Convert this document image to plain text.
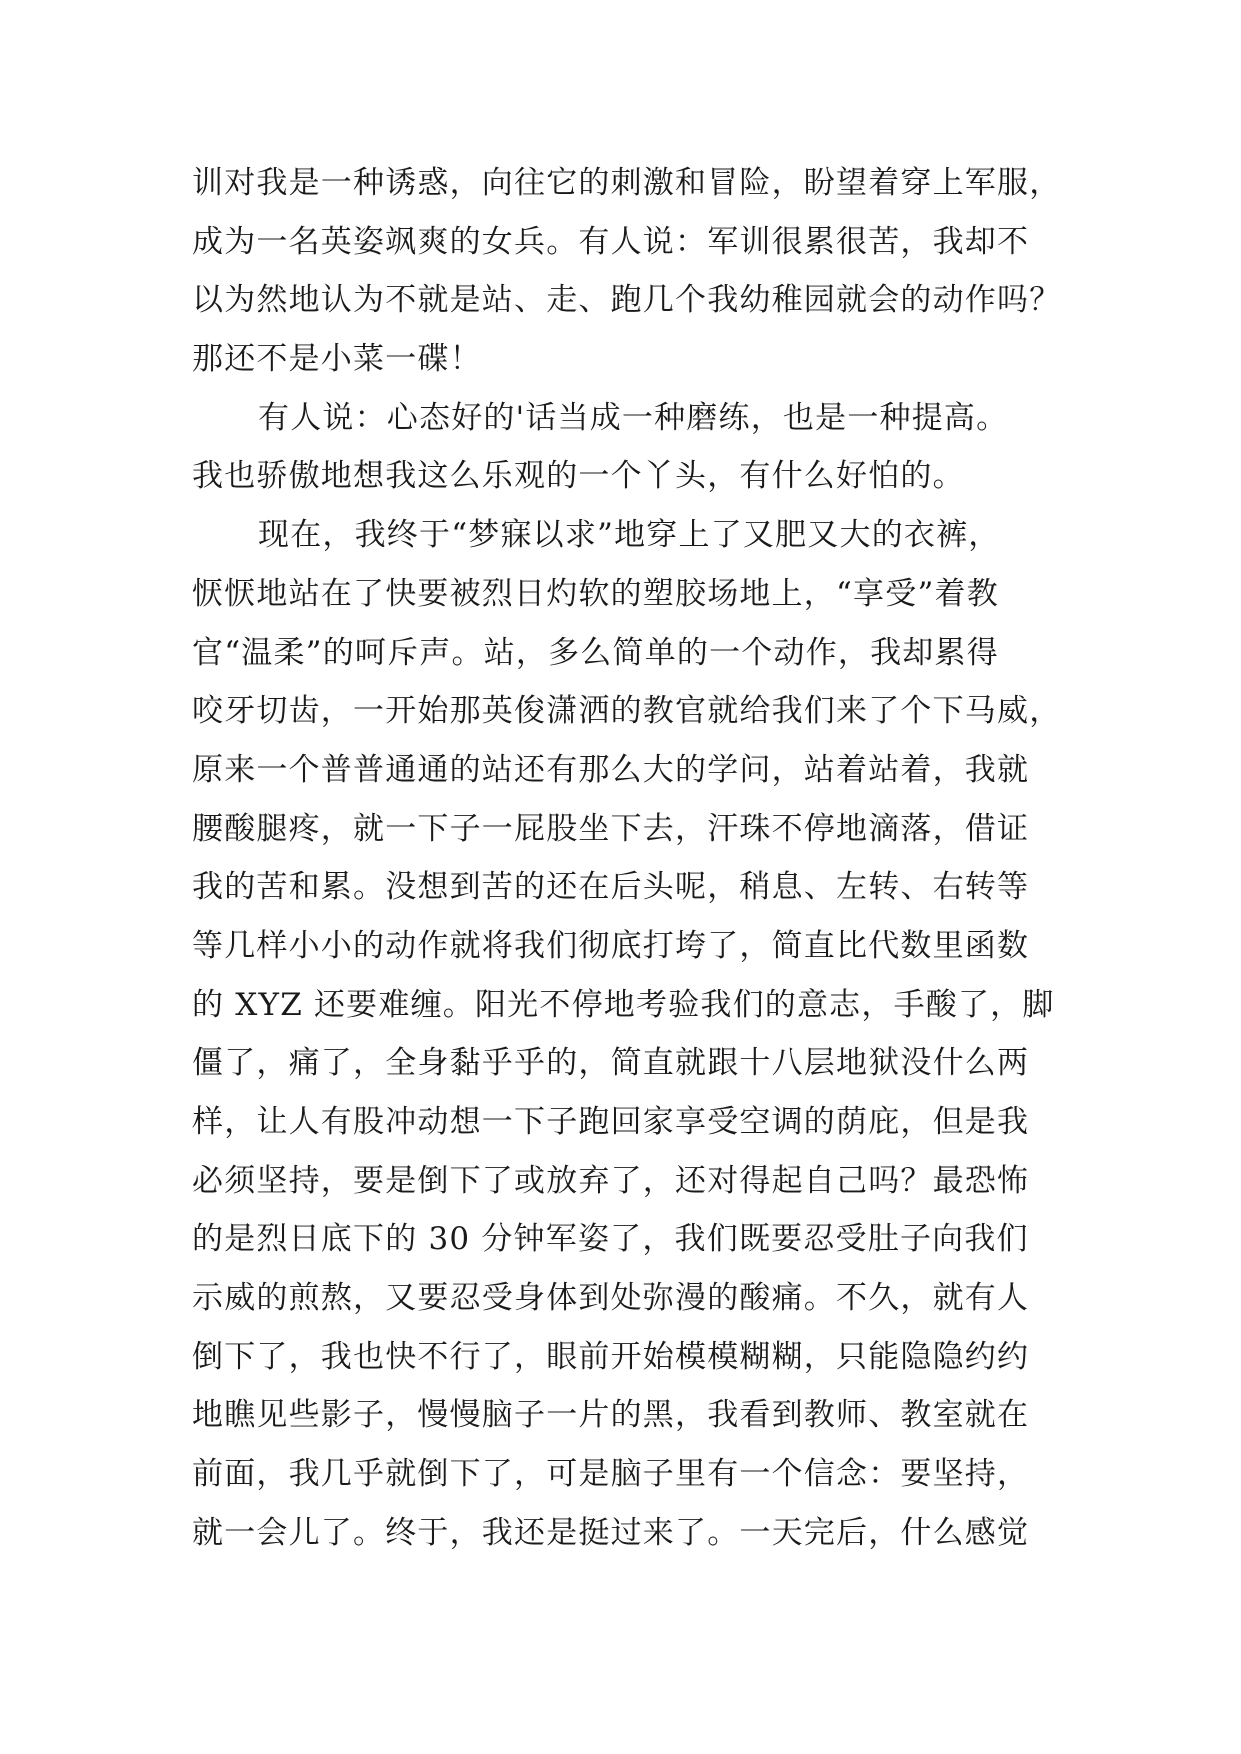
训对我是一种诱惑，向往它的刺激和冒险，盼望着穿上军服，
成为一名英姿飒爽的女兵。有人说：军训很累很苦，我却不
以为然地认为不就是站、走、跑几个我幼稚园就会的动作吗？
那还不是小菜一碟！
有人说：心态好的'话当成一种磨练，也是一种提高。
我也骄傲地想我这么乐观的一个丫头，有什么好怕的。
现在，我终于“梦寐以求”地穿上了又肥又大的衣裤，
恹恹地站在了快要被烈日灼软的塑胶场地上，“享受”着教
官“温柔”的呵斥声。站，多么简单的一个动作，我却累得
咬牙切齿，一开始那英俊潇洒的教官就给我们来了个下马威，
原来一个普普通通的站还有那么大的学问，站着站着，我就
腰酸腿疼，就一下子一屁股坐下去，汗珠不停地滴落，借证
我的苦和累。没想到苦的还在后头呢，稍息、左转、右转等
等几样小小的动作就将我们彻底打垮了，简直比代数里函数
的 XYZ 还要难缠。阳光不停地考验我们的意志，手酸了，脚
僵了，痛了，全身黏乎乎的，简直就跟十八层地狱没什么两
样，让人有股冲动想一下子跑回家享受空调的荫庇，但是我
必须坚持，要是倒下了或放弃了，还对得起自己吗？最恐怖
的是烈日底下的 30 分钟军姿了，我们既要忍受肚子向我们
示威的煎熬，又要忍受身体到处弥漫的酸痛。不久，就有人
倒下了，我也快不行了，眼前开始模模糊糊，只能隐隐约约
地瞧见些影子，慢慢脑子一片的黑，我看到教师、教室就在
前面，我几乎就倒下了，可是脑子里有一个信念：要坚持，
就一会儿了。终于，我还是挺过来了。一天完后，什么感觉
